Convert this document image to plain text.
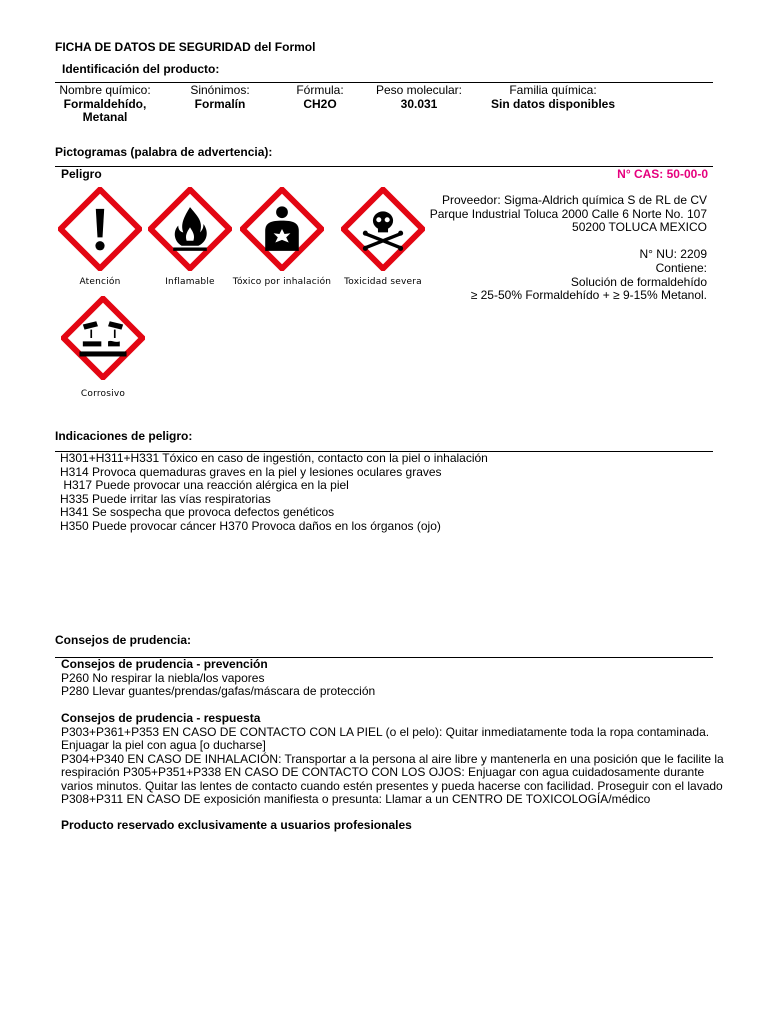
FICHA DE DATOS DE SEGURIDAD del Formol
Identificación del producto:
Nombre químico:
Formaldehído,
Metanal
Sinónimos:
Formalín
Fórmula:
CH2O
Peso molecular:
30.031
Familia química:
Sin datos disponibles
Pictogramas (palabra de advertencia):
Peligro	N° CAS: 50-00-0
Atención	Inflamable	Tóxico por inhalación	Toxicidad severa
Corrosivo
Proveedor: Sigma-Aldrich química S de RL de CV
Parque Industrial Toluca 2000 Calle 6 Norte No. 107
50200 TOLUCA MEXICO
N° NU: 2209
Contiene:
Solución de formaldehído
≥ 25-50% Formaldehído + ≥ 9-15% Metanol.
Indicaciones de peligro:
H301+H311+H331 Tóxico en caso de ingestión, contacto con la piel o inhalación
H314 Provoca quemaduras graves en la piel y lesiones oculares graves
H317 Puede provocar una reacción alérgica en la piel
H335 Puede irritar las vías respiratorias
H341 Se sospecha que provoca defectos genéticos
H350 Puede provocar cáncer H370 Provoca daños en los órganos (ojo)
Consejos de prudencia:
Consejos de prudencia - prevención
P260 No respirar la niebla/los vapores
P280 Llevar guantes/prendas/gafas/máscara de protección
Consejos de prudencia - respuesta
P303+P361+P353 EN CASO DE CONTACTO CON LA PIEL (o el pelo): Quitar inmediatamente toda la ropa contaminada.
Enjuagar la piel con agua [o ducharse]
P304+P340 EN CASO DE INHALACIÓN: Transportar a la persona al aire libre y mantenerla en una posición que le facilite la
respiración P305+P351+P338 EN CASO DE CONTACTO CON LOS OJOS: Enjuagar con agua cuidadosamente durante
varios minutos. Quitar las lentes de contacto cuando estén presentes y pueda hacerse con facilidad. Proseguir con el lavado
P308+P311 EN CASO DE exposición manifiesta o presunta: Llamar a un CENTRO DE TOXICOLOGÍA/médico
Producto reservado exclusivamente a usuarios profesionales
